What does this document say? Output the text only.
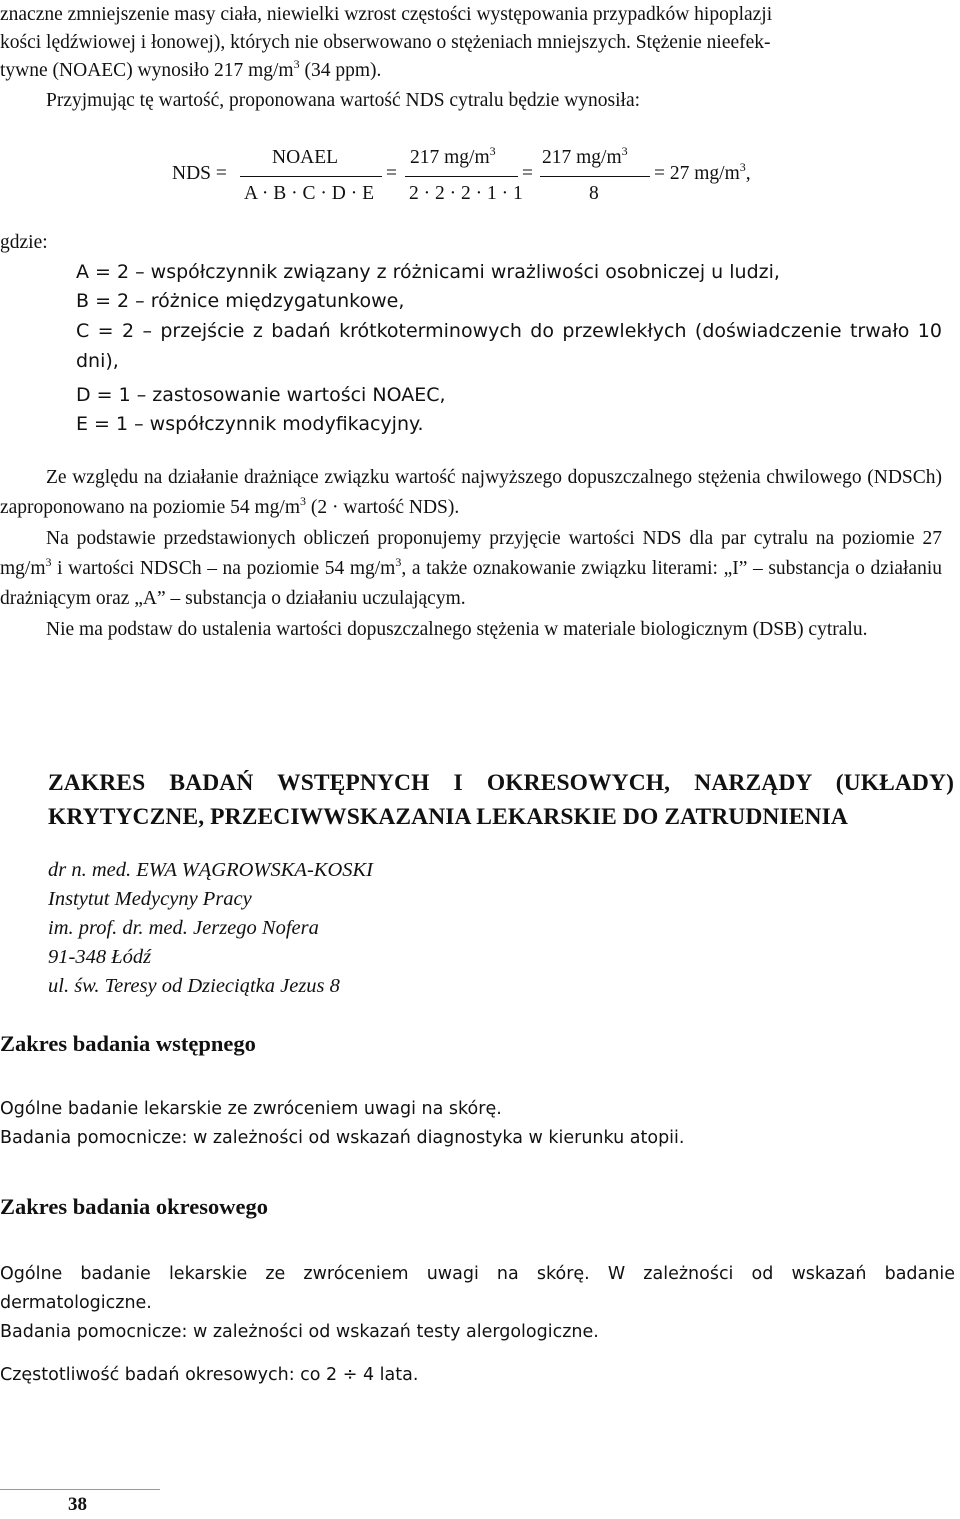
znaczne zmniejszenie masy ciała, niewielki wzrost częstości występowania przypadków hipoplazji
kości lędźwiowej i łonowej), których nie obserwowano o stężeniach mniejszych. Stężenie nieefek-
tywne (NOAEC) wynosiło 217 $mg/m^3$ (34 ppm).
Przyjmując tę wartość, proponowana wartość NDS cytralu będzie wynosiła:
NDS =
NOAEL
A · B · C · D · E
=
217 $mg/m^3$
2 · 2 · 2 · 1 · 1
=
217 $mg/m^3$
8
= 27 $mg/m^3$,
gdzie:
A = 2 – współczynnik związany z różnicami wrażliwości osobniczej u ludzi,
B = 2 – różnice międzygatunkowe,
C = 2 – przejście z badań krótkoterminowych do przewlekłych (doświadczenie trwało 10 dni),
D = 1 – zastosowanie wartości NOAEC,
E = 1 – współczynnik modyfikacyjny.
Ze względu na działanie drażniące związku wartość najwyższego dopuszczalnego stężenia chwilowego (NDSCh) zaproponowano na poziomie 54 $mg/m^3$ (2 · wartość NDS).
Na podstawie przedstawionych obliczeń proponujemy przyjęcie wartości NDS dla par cytralu na poziomie 27 $mg/m^3$ i wartości NDSCh – na poziomie 54 $mg/m^3$, a także oznakowanie związku literami: „I” – substancja o działaniu drażniącym oraz „A” – substancja o działaniu uczulającym.
Nie ma podstaw do ustalenia wartości dopuszczalnego stężenia w materiale biologicznym (DSB) cytralu.
ZAKRES BADAŃ WSTĘPNYCH I OKRESOWYCH, NARZĄDY (UKŁADY) KRYTYCZNE, PRZECIWWSKAZANIA LEKARSKIE DO ZATRUDNIENIA
dr n. med. EWA WĄGROWSKA-KOSKI
Instytut Medycyny Pracy
im. prof. dr. med. Jerzego Nofera
91-348 Łódź
ul. św. Teresy od Dzieciątka Jezus 8
Zakres badania wstępnego
Ogólne badanie lekarskie ze zwróceniem uwagi na skórę.
Badania pomocnicze: w zależności od wskazań diagnostyka w kierunku atopii.
Zakres badania okresowego
Ogólne badanie lekarskie ze zwróceniem uwagi na skórę. W zależności od wskazań badanie dermatologiczne.
Badania pomocnicze: w zależności od wskazań testy alergologiczne.
Częstotliwość badań okresowych: co 2 ÷ 4 lata.
38
